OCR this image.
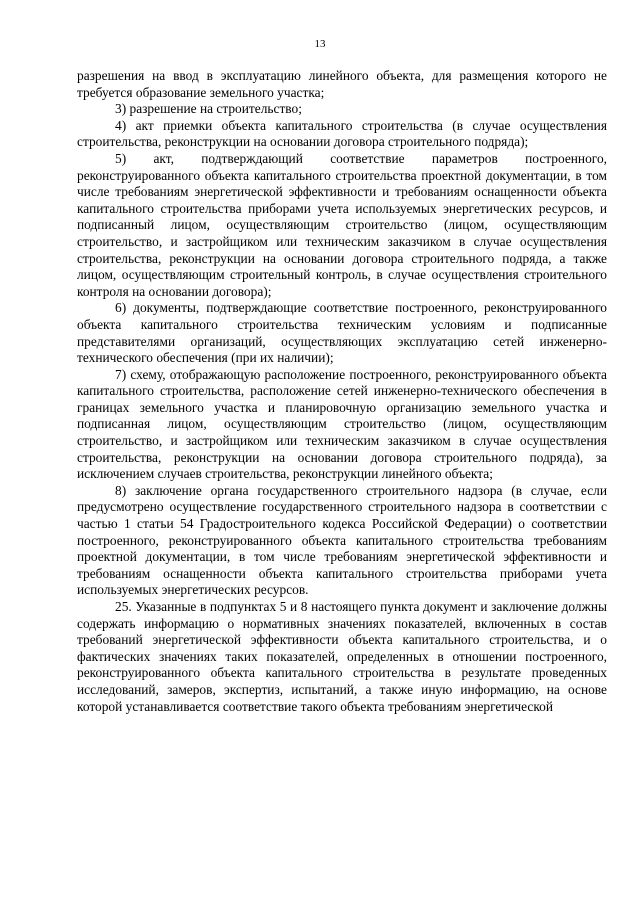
13

разрешения на ввод в эксплуатацию линейного объекта, для размещения которого не требуется образование земельного участка;

3) разрешение на строительство;

4) акт приемки объекта капитального строительства (в случае осуществления строительства, реконструкции на основании договора строительного подряда);

5) акт, подтверждающий соответствие параметров построенного, реконструированного объекта капитального строительства проектной документации, в том числе требованиям энергетической эффективности и требованиям оснащенности объекта капитального строительства приборами учета используемых энергетических ресурсов, и подписанный лицом, осуществляющим строительство (лицом, осуществляющим строительство, и застройщиком или техническим заказчиком в случае осуществления строительства, реконструкции на основании договора строительного подряда, а также лицом, осуществляющим строительный контроль, в случае осуществления строительного контроля на основании договора);

6) документы, подтверждающие соответствие построенного, реконструированного объекта капитального строительства техническим условиям и подписанные представителями организаций, осуществляющих эксплуатацию сетей инженерно-технического обеспечения (при их наличии);

7) схему, отображающую расположение построенного, реконструированного объекта капитального строительства, расположение сетей инженерно-технического обеспечения в границах земельного участка и планировочную организацию земельного участка и подписанная лицом, осуществляющим строительство (лицом, осуществляющим строительство, и застройщиком или техническим заказчиком в случае осуществления строительства, реконструкции на основании договора строительного подряда), за исключением случаев строительства, реконструкции линейного объекта;

8) заключение органа государственного строительного надзора (в случае, если предусмотрено осуществление государственного строительного надзора в соответствии с частью 1 статьи 54 Градостроительного кодекса Российской Федерации) о соответствии построенного, реконструированного объекта капитального строительства требованиям проектной документации, в том числе требованиям энергетической эффективности и требованиям оснащенности объекта капитального строительства приборами учета используемых энергетических ресурсов.

25. Указанные в подпунктах 5 и 8 настоящего пункта документ и заключение должны содержать информацию о нормативных значениях показателей, включенных в состав требований энергетической эффективности объекта капитального строительства, и о фактических значениях таких показателей, определенных в отношении построенного, реконструированного объекта капитального строительства в результате проведенных исследований, замеров, экспертиз, испытаний, а также иную информацию, на основе которой устанавливается соответствие такого объекта требованиям энергетической
